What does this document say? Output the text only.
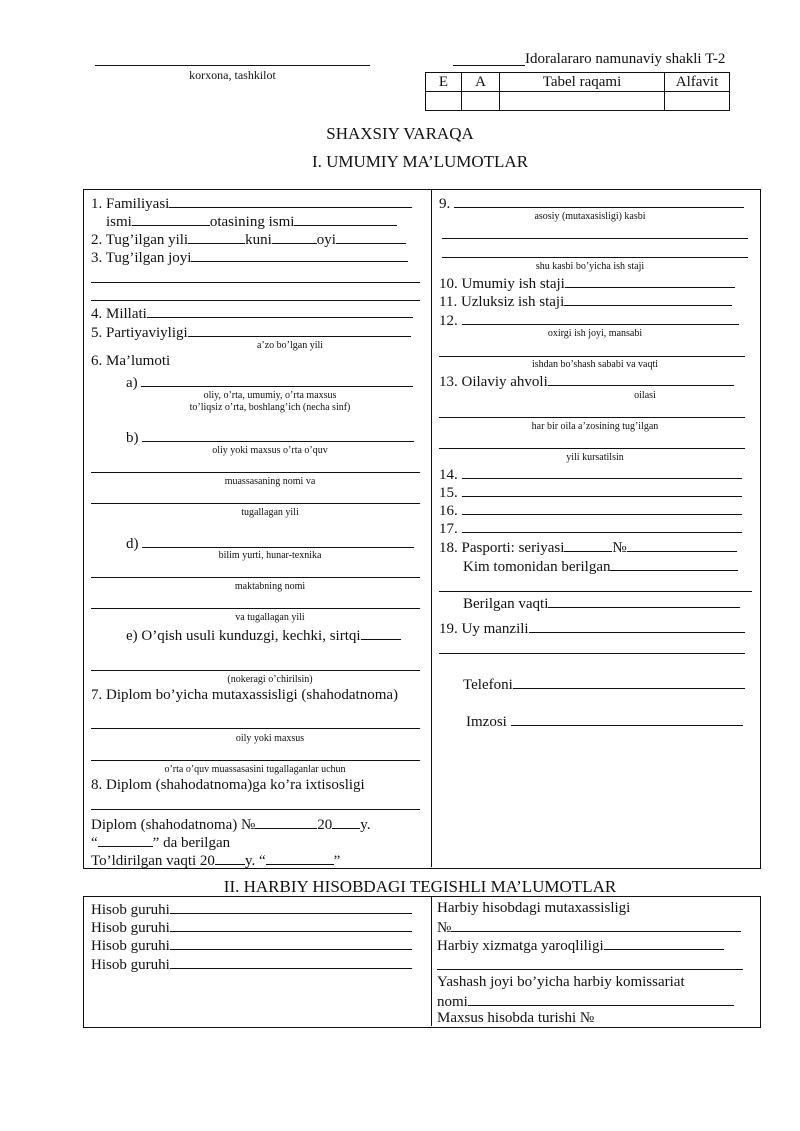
korxona, tashkilot
Idoralararo namunaviy shakli T-2
E	A	Tabel raqami	Alfavit

SHAXSIY VARAQA
I. UMUMIY MA’LUMOTLAR
1. Familiyasi
ismi	otasining ismi
2. Tug’ilgan yili	kuni	oyi
3. Tug’ilgan joyi
4. Millati
5. Partiyaviyligi
a’zo bo’lgan yili
6. Ma’lumoti
a)
oliy, o’rta, umumiy, o’rta maxsus
to’liqsiz o’rta, boshlang’ich (necha sinf)
b)
oliy yoki maxsus o’rta o’quv
muassasaning nomi va
tugallagan yili
d)
bilim yurti, hunar-texnika
maktabning nomi
va tugallagan yili
e) O’qish usuli kunduzgi, kechki, sirtqi
(nokeragi o’chirilsin)
7. Diplom bo’yicha mutaxassisligi (shahodatnoma)
oily yoki maxsus
o’rta o’quv muassasasini tugallaganlar uchun
8. Diplom (shahodatnoma)ga ko’ra ixtisosligi
Diplom (shahodatnoma) №	20 y.
“	” da berilgan
To’ldirilgan vaqti 20 y. “	”
9.
asosiy (mutaxasisligi) kasbi
shu kasbi bo’yicha ish staji
10. Umumiy ish staji
11. Uzluksiz ish staji
12.
oxirgi ish joyi, mansabi
ishdan bo’shash sababi va vaqti
13. Oilaviy ahvoli
oilasi
har bir oila a’zosining tug’ilgan
yili kursatilsin
14.
15.
16.
17.
18. Pasporti: seriyasi	№
Kim tomonidan berilgan
Berilgan vaqti
19. Uy manzili
Telefoni
Imzosi
II. HARBIY HISOBDAGI TEGISHLI MA’LUMOTLAR
Hisob guruhi
Hisob guruhi
Hisob guruhi
Hisob guruhi
Harbiy hisobdagi mutaxassisligi
№
Harbiy xizmatga yaroqliligi
Yashash joyi bo’yicha harbiy komissariat
nomi
Maxsus hisobda turishi №
